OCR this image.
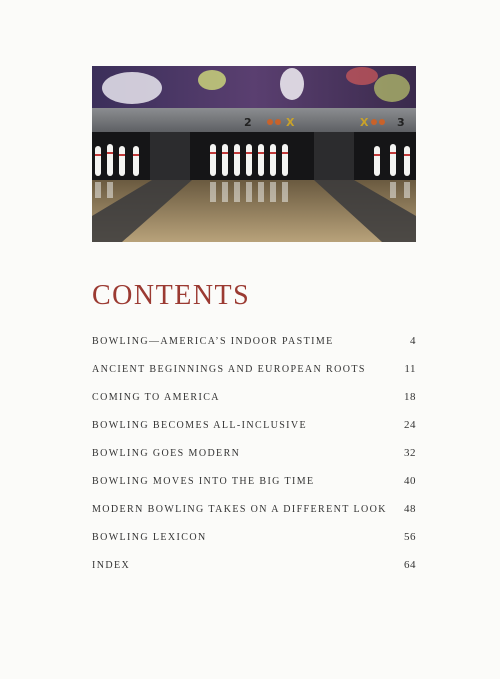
2	X	X	3
CONTENTS
BOWLING—AMERICA’S INDOOR PASTIME	4
ANCIENT BEGINNINGS AND EUROPEAN ROOTS	11
COMING TO AMERICA	18
BOWLING BECOMES ALL-INCLUSIVE	24
BOWLING GOES MODERN	32
BOWLING MOVES INTO THE BIG TIME	40
MODERN BOWLING TAKES ON A DIFFERENT LOOK 48
BOWLING LEXICON	56
INDEX	64
